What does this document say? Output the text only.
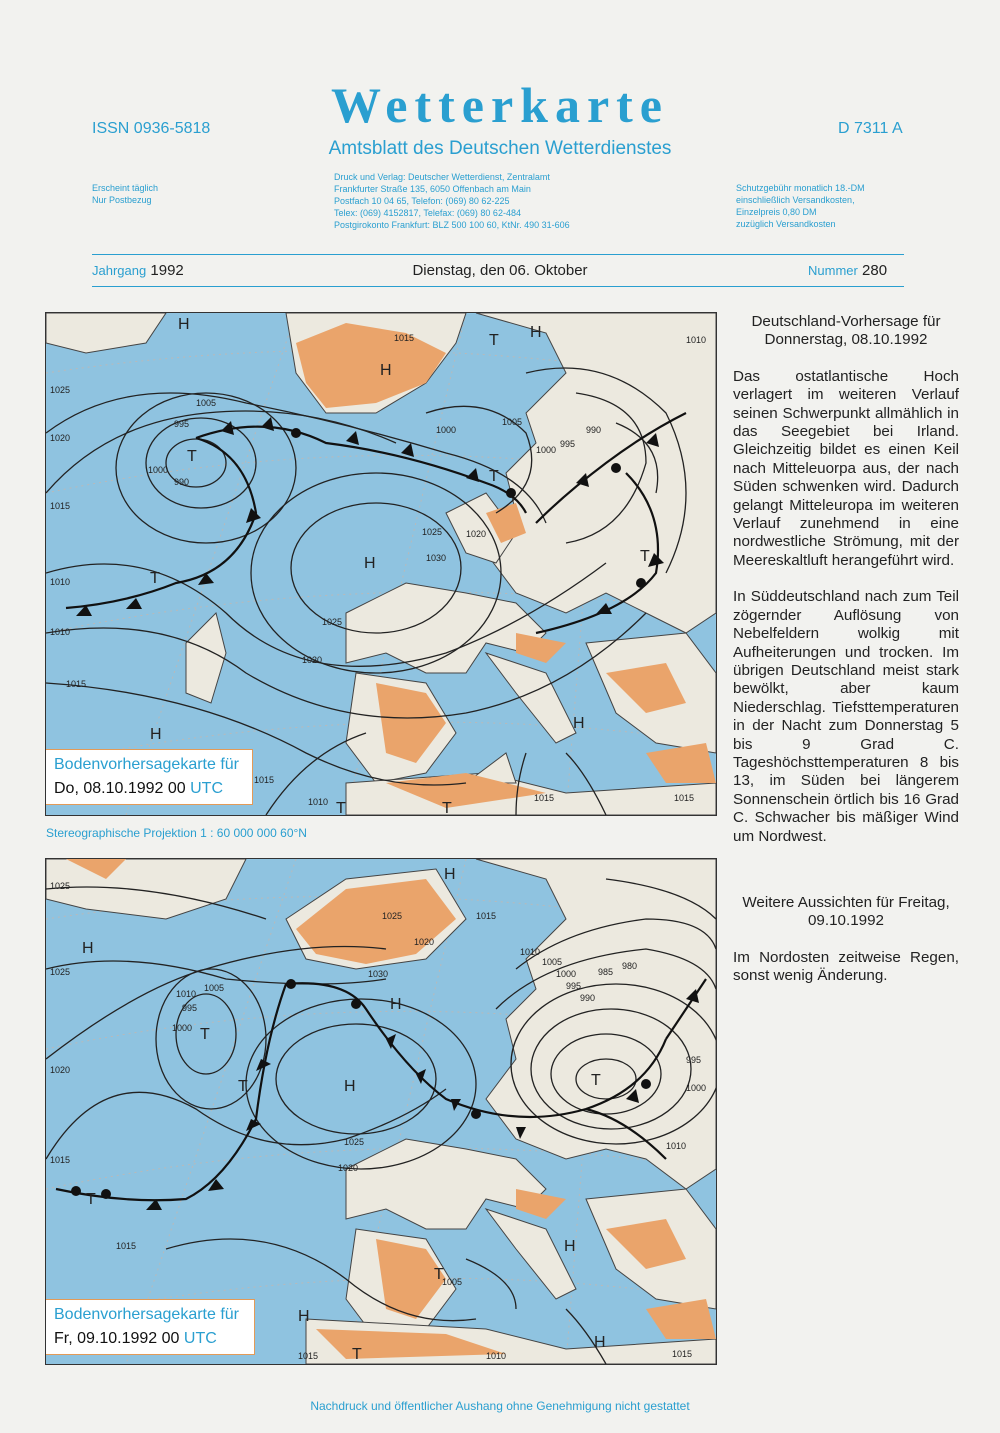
Wetterkarte
Amtsblatt des Deutschen Wetterdienstes
ISSN 0936-5818	D 7311 A
Erscheint täglich
Nur Postbezug
Druck und Verlag: Deutscher Wetterdienst, Zentralamt
Frankfurter Straße 135, 6050 Offenbach am Main
Postfach 10 04 65, Telefon: (069) 80 62-225
Telex: (069) 4152817, Telefax: (069) 80 62-484
Postgirokonto Frankfurt: BLZ 500 100 60, KtNr. 490 31-606
Schutzgebühr monatlich 18.-DM
einschließlich Versandkosten,
Einzelpreis 0,80 DM
zuzüglich Versandkosten
Jahrgang 1992	Dienstag, den 06. Oktober	Nummer 280
H
H
H
H
H
H
T
T
T
T
T
T	T
1025
1020
1015
1010
1010
1015
1005
995
990
1000
1015
1000
1005
1000
995
990
1025
1030
1020
1025
1020
1015
1010	1015	1015
1010
Bodenvorhersagekarte für
Do, 08.10.1992 00 UTC
Stereographische Projektion 1 : 60 000 000 60°N
H
H
H
H
H
H
H
T
T
T
T
T
T
1025
1025
1020
1015
1015
1010
1005
995
1000
1025
1030
1020
1015
1010
1005
1000
995
990
985
980
995
1000
1010
1025
1020
1005
1015	1010	1015
Bodenvorhersagekarte für
Fr, 09.10.1992 00 UTC

Deutschland-Vorhersage für Donnerstag, 08.10.1992

Das ostatlantische Hoch verlagert im weiteren Verlauf seinen Schwerpunkt allmählich in das Seegebiet bei Irland. Gleichzeitig bildet es einen Keil nach Mitteleuorpa aus, der nach Süden schwenken wird. Dadurch gelangt Mitteleuropa im weiteren Verlauf zunehmend in eine nordwestliche Strömung, mit der Meereskaltluft herangeführt wird.

In Süddeutschland nach zum Teil zögernder Auflösung von Nebelfeldern wolkig mit Aufheiterungen und trocken. Im übrigen Deutschland meist stark bewölkt, aber kaum Niederschlag. Tiefsttemperaturen in der Nacht zum Donnerstag 5 bis 9 Grad C. Tageshöchsttemperaturen 8 bis 13, im Süden bei längerem Sonnenschein örtlich bis 16 Grad C. Schwacher bis mäßiger Wind um Nordwest.

Weitere Aussichten für Freitag, 09.10.1992

Im Nordosten zeitweise Regen, sonst wenig Änderung.

Nachdruck und öffentlicher Aushang ohne Genehmigung nicht gestattet
